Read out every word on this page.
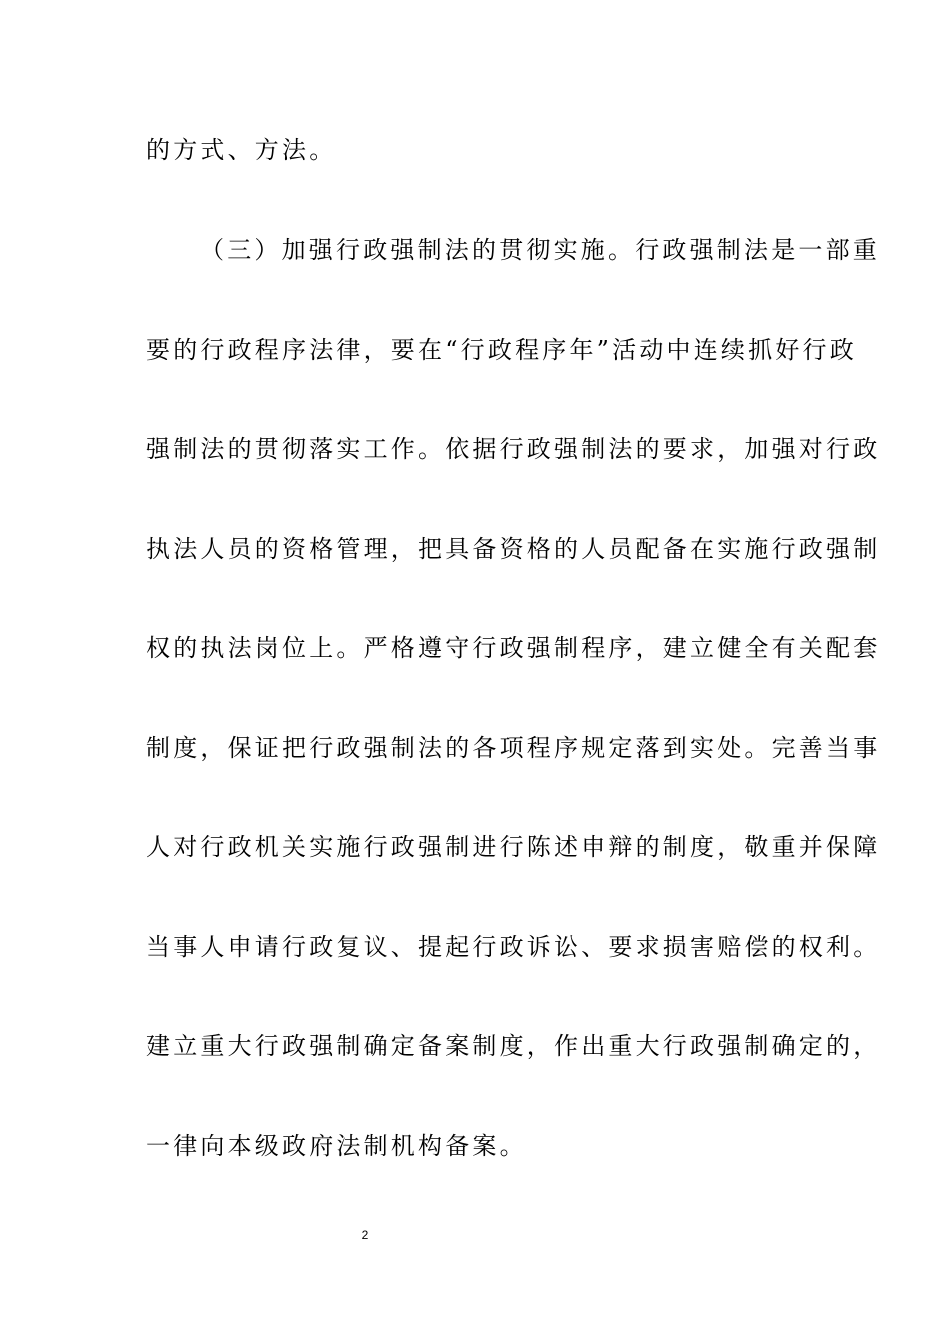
的方式、方法。
（三）加强行政强制法的贯彻实施。行政强制法是一部重
要的行政程序法律，要在“行政程序年”活动中连续抓好行政
强制法的贯彻落实工作。依据行政强制法的要求，加强对行政
执法人员的资格管理，把具备资格的人员配备在实施行政强制
权的执法岗位上。严格遵守行政强制程序，建立健全有关配套
制度，保证把行政强制法的各项程序规定落到实处。完善当事
人对行政机关实施行政强制进行陈述申辩的制度，敬重并保障
当事人申请行政复议、提起行政诉讼、要求损害赔偿的权利。
建立重大行政强制确定备案制度，作出重大行政强制确定的，
一律向本级政府法制机构备案。
2
